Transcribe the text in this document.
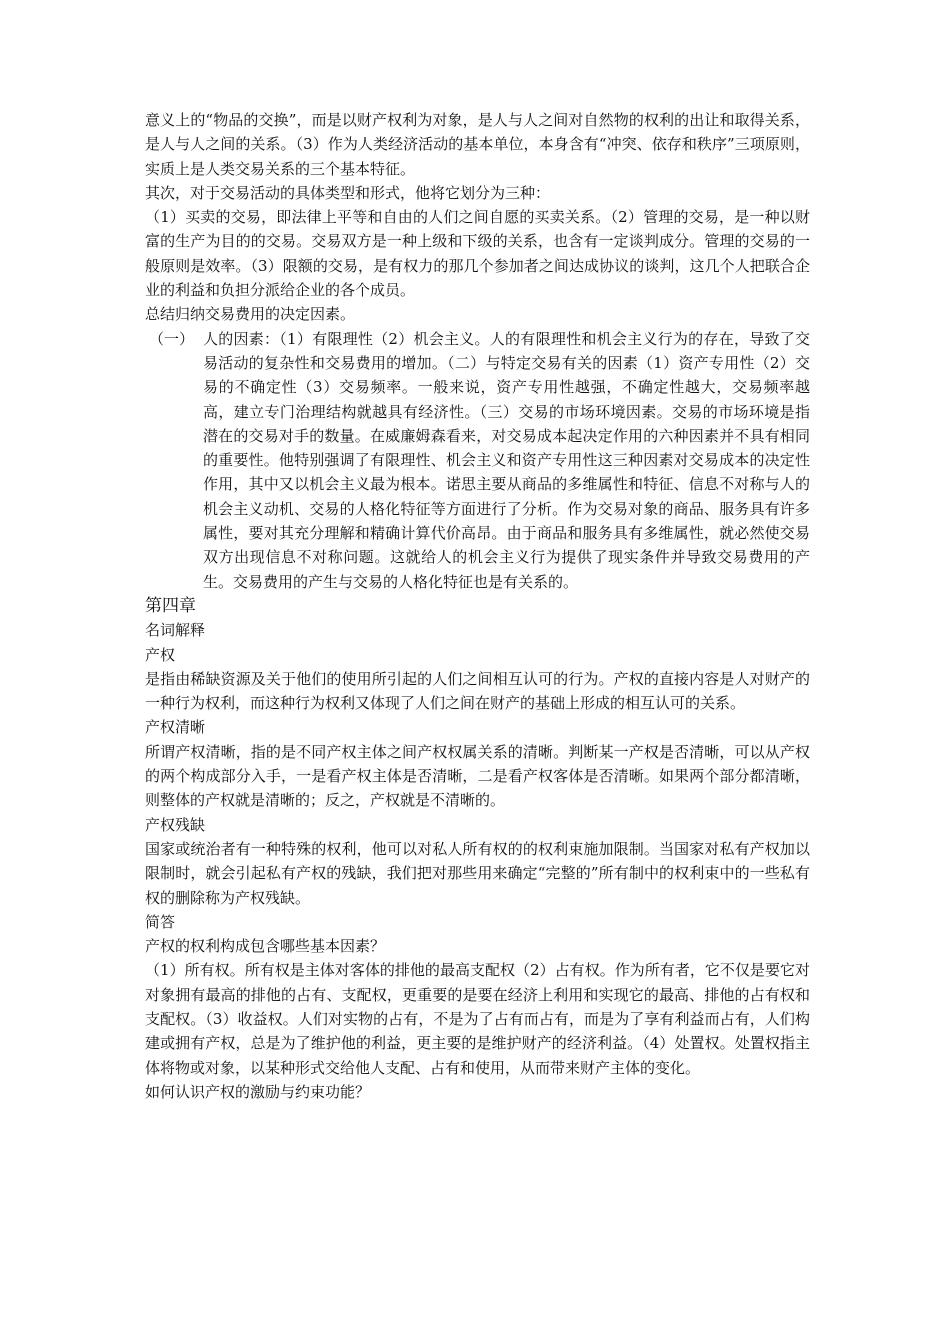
意义上的“物品的交换”，而是以财产权利为对象，是人与人之间对自然物的权利的出让和取得关系，是人与人之间的关系。（3）作为人类经济活动的基本单位，本身含有“冲突、依存和秩序”三项原则，实质上是人类交易关系的三个基本特征。

其次，对于交易活动的具体类型和形式，他将它划分为三种：

（1）买卖的交易，即法律上平等和自由的人们之间自愿的买卖关系。（2）管理的交易，是一种以财富的生产为目的的交易。交易双方是一种上级和下级的关系，也含有一定谈判成分。管理的交易的一般原则是效率。（3）限额的交易，是有权力的那几个参加者之间达成协议的谈判，这几个人把联合企业的利益和负担分派给企业的各个成员。

总结归纳交易费用的决定因素。

（一） 人的因素：（1）有限理性（2）机会主义。人的有限理性和机会主义行为的存在，导致了交易活动的复杂性和交易费用的增加。（二）与特定交易有关的因素（1）资产专用性（2）交易的不确定性（3）交易频率。一般来说，资产专用性越强，不确定性越大，交易频率越高，建立专门治理结构就越具有经济性。（三）交易的市场环境因素。交易的市场环境是指潜在的交易对手的数量。在威廉姆森看来，对交易成本起决定作用的六种因素并不具有相同的重要性。他特别强调了有限理性、机会主义和资产专用性这三种因素对交易成本的决定性作用，其中又以机会主义最为根本。诺思主要从商品的多维属性和特征、信息不对称与人的机会主义动机、交易的人格化特征等方面进行了分析。作为交易对象的商品、服务具有许多属性，要对其充分理解和精确计算代价高昂。由于商品和服务具有多维属性，就必然使交易双方出现信息不对称问题。这就给人的机会主义行为提供了现实条件并导致交易费用的产生。交易费用的产生与交易的人格化特征也是有关系的。

第四章

名词解释

产权

是指由稀缺资源及关于他们的使用所引起的人们之间相互认可的行为。产权的直接内容是人对财产的一种行为权利，而这种行为权利又体现了人们之间在财产的基础上形成的相互认可的关系。

产权清晰

所谓产权清晰，指的是不同产权主体之间产权权属关系的清晰。判断某一产权是否清晰，可以从产权的两个构成部分入手，一是看产权主体是否清晰，二是看产权客体是否清晰。如果两个部分都清晰，则整体的产权就是清晰的；反之，产权就是不清晰的。

产权残缺

国家或统治者有一种特殊的权利，他可以对私人所有权的的权利束施加限制。当国家对私有产权加以限制时，就会引起私有产权的残缺，我们把对那些用来确定“完整的”所有制中的权利束中的一些私有权的删除称为产权残缺。

简答

产权的权利构成包含哪些基本因素？

（1）所有权。所有权是主体对客体的排他的最高支配权（2）占有权。作为所有者，它不仅是要它对对象拥有最高的排他的占有、支配权，更重要的是要在经济上利用和实现它的最高、排他的占有权和支配权。（3）收益权。人们对实物的占有，不是为了占有而占有，而是为了享有利益而占有，人们构建或拥有产权，总是为了维护他的利益，更主要的是维护财产的经济利益。（4）处置权。处置权指主体将物或对象，以某种形式交给他人支配、占有和使用，从而带来财产主体的变化。

如何认识产权的激励与约束功能？
